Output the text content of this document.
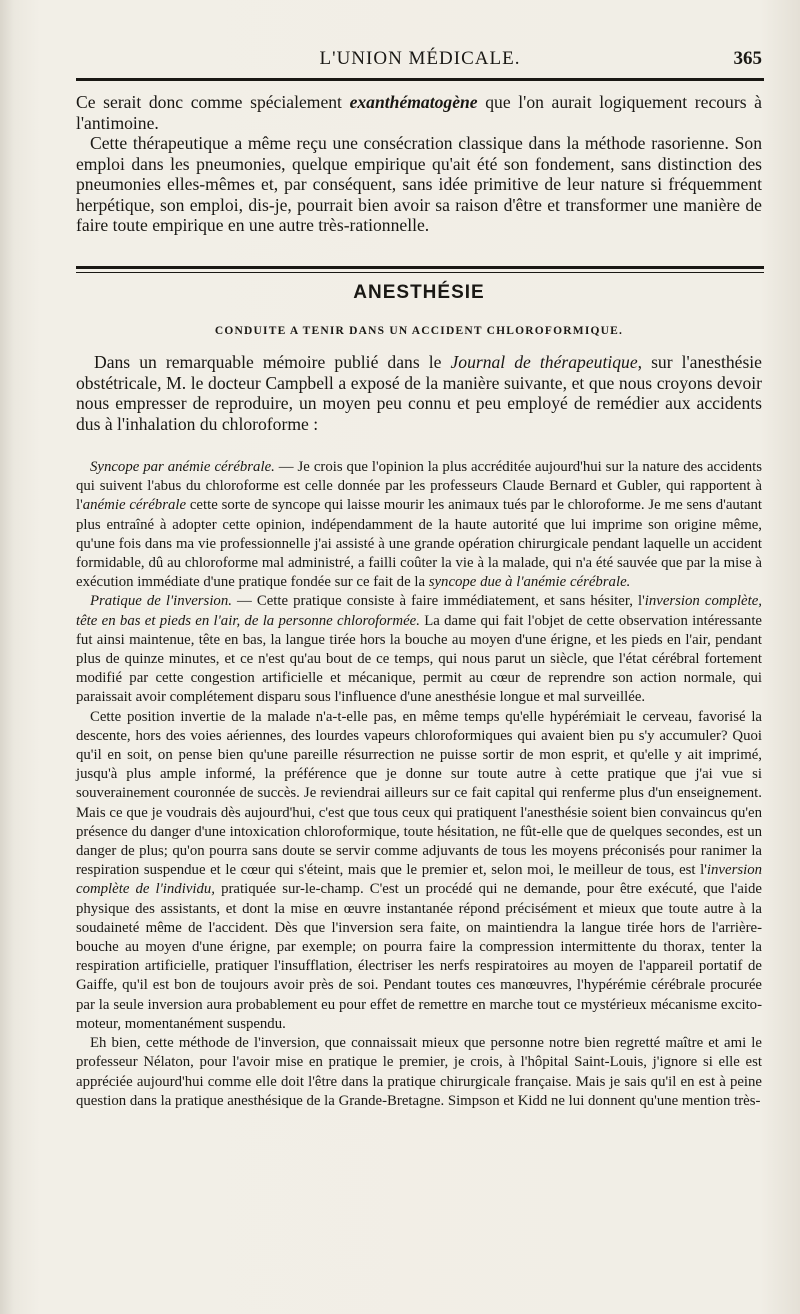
L'UNION MÉDICALE.	365

Ce serait donc comme spécialement exanthématogène que l'on aurait logiquement recours à l'antimoine.

Cette thérapeutique a même reçu une consécration classique dans la méthode rasorienne. Son emploi dans les pneumonies, quelque empirique qu'ait été son fondement, sans distinction des pneumonies elles-mêmes et, par conséquent, sans idée primitive de leur nature si fréquemment herpétique, son emploi, dis-je, pourrait bien avoir sa raison d'être et transformer une manière de faire toute empirique en une autre très-rationnelle.

ANESTHÉSIE
CONDUITE A TENIR DANS UN ACCIDENT CHLOROFORMIQUE.

Dans un remarquable mémoire publié dans le Journal de thérapeutique, sur l'anesthésie obstétricale, M. le docteur Campbell a exposé de la manière suivante, et que nous croyons devoir nous empresser de reproduire, un moyen peu connu et peu employé de remédier aux accidents dus à l'inhalation du chloroforme :

Syncope par anémie cérébrale. — Je crois que l'opinion la plus accréditée aujourd'hui sur la nature des accidents qui suivent l'abus du chloroforme est celle donnée par les professeurs Claude Bernard et Gubler, qui rapportent à l'anémie cérébrale cette sorte de syncope qui laisse mourir les animaux tués par le chloroforme. Je me sens d'autant plus entraîné à adopter cette opinion, indépendamment de la haute autorité que lui imprime son origine même, qu'une fois dans ma vie professionnelle j'ai assisté à une grande opération chirurgicale pendant laquelle un accident formidable, dû au chloroforme mal administré, a failli coûter la vie à la malade, qui n'a été sauvée que par la mise à exécution immédiate d'une pratique fondée sur ce fait de la syncope due à l'anémie cérébrale.

Pratique de l'inversion. — Cette pratique consiste à faire immédiatement, et sans hésiter, l'inversion complète, tête en bas et pieds en l'air, de la personne chloroformée. La dame qui fait l'objet de cette observation intéressante fut ainsi maintenue, tête en bas, la langue tirée hors la bouche au moyen d'une érigne, et les pieds en l'air, pendant plus de quinze minutes, et ce n'est qu'au bout de ce temps, qui nous parut un siècle, que l'état cérébral fortement modifié par cette congestion artificielle et mécanique, permit au cœur de reprendre son action normale, qui paraissait avoir complétement disparu sous l'influence d'une anesthésie longue et mal surveillée.

Cette position invertie de la malade n'a-t-elle pas, en même temps qu'elle hypérémiait le cerveau, favorisé la descente, hors des voies aériennes, des lourdes vapeurs chloroformiques qui avaient bien pu s'y accumuler? Quoi qu'il en soit, on pense bien qu'une pareille résurrection ne puisse sortir de mon esprit, et qu'elle y ait imprimé, jusqu'à plus ample informé, la préférence que je donne sur toute autre à cette pratique que j'ai vue si souverainement couronnée de succès. Je reviendrai ailleurs sur ce fait capital qui renferme plus d'un enseignement. Mais ce que je voudrais dès aujourd'hui, c'est que tous ceux qui pratiquent l'anesthésie soient bien convaincus qu'en présence du danger d'une intoxication chloroformique, toute hésitation, ne fût-elle que de quelques secondes, est un danger de plus; qu'on pourra sans doute se servir comme adjuvants de tous les moyens préconisés pour ranimer la respiration suspendue et le cœur qui s'éteint, mais que le premier et, selon moi, le meilleur de tous, est l'inversion complète de l'individu, pratiquée sur-le-champ. C'est un procédé qui ne demande, pour être exécuté, que l'aide physique des assistants, et dont la mise en œuvre instantanée répond précisément et mieux que toute autre à la soudaineté même de l'accident. Dès que l'inversion sera faite, on maintiendra la langue tirée hors de l'arrière-bouche au moyen d'une érigne, par exemple; on pourra faire la compression intermittente du thorax, tenter la respiration artificielle, pratiquer l'insufflation, électriser les nerfs respiratoires au moyen de l'appareil portatif de Gaiffe, qu'il est bon de toujours avoir près de soi. Pendant toutes ces manœuvres, l'hypérémie cérébrale procurée par la seule inversion aura probablement eu pour effet de remettre en marche tout ce mystérieux mécanisme excito-moteur, momentanément suspendu.

Eh bien, cette méthode de l'inversion, que connaissait mieux que personne notre bien regretté maître et ami le professeur Nélaton, pour l'avoir mise en pratique le premier, je crois, à l'hôpital Saint-Louis, j'ignore si elle est appréciée aujourd'hui comme elle doit l'être dans la pratique chirurgicale française. Mais je sais qu'il en est à peine question dans la pratique anesthésique de la Grande-Bretagne. Simpson et Kidd ne lui donnent qu'une mention très-
